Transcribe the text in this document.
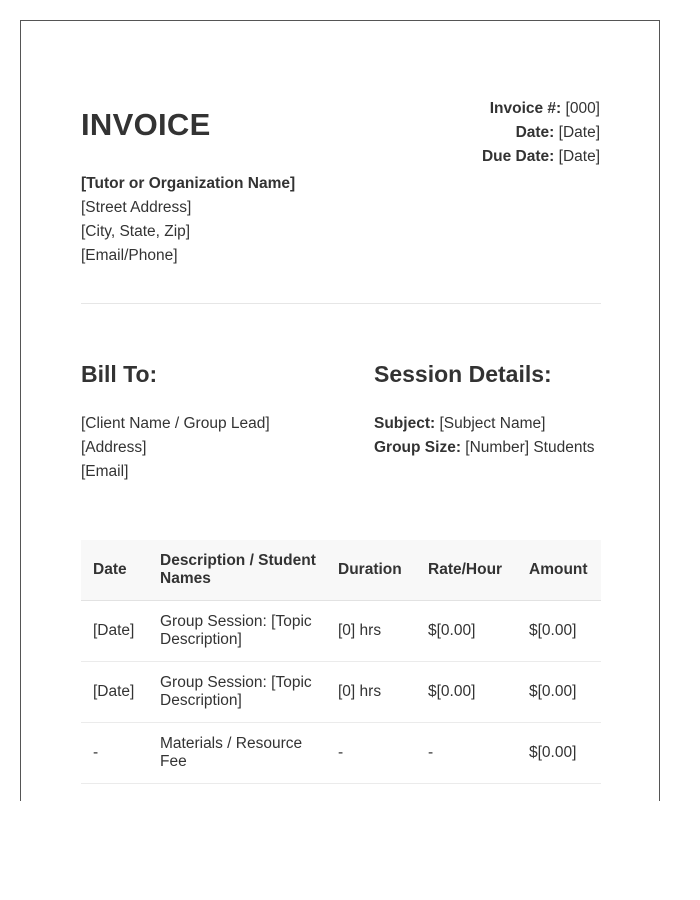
INVOICE	Invoice #: [000]
Date: [Date]
Due Date: [Date]
[Tutor or Organization Name]
[Street Address]
[City, State, Zip]
[Email/Phone]
Bill To:	Session Details:
[Client Name / Group Lead]
[Address]
[Email]
Subject: [Subject Name]
Group Size: [Number] Students
Date	Description / Student Names	Duration	Rate/Hour	Amount
[Date]	Group Session: [Topic Description]	[0] hrs	$[0.00]	$[0.00]
[Date]	Group Session: [Topic Description]	[0] hrs	$[0.00]	$[0.00]
-	Materials / Resource Fee	-	-	$[0.00]
